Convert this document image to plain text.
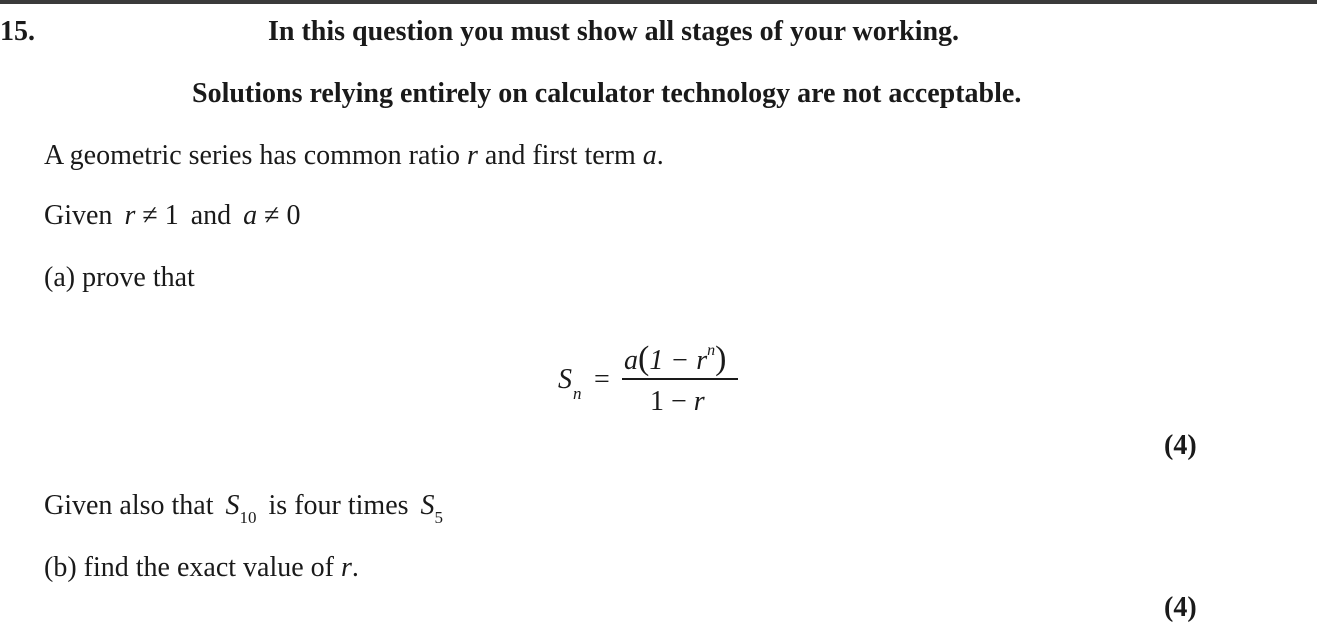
15.	In this question you must show all stages of your working.
Solutions relying entirely on calculator technology are not acceptable.
A geometric series has common ratio r and first term a.
Given r ≠ 1 and a ≠ 0
(a) prove that
S n =
$a(1 - r^n)$
1 − r
(4)
Given also that $S_{10}$ is four times $S_5$
(b) find the exact value of r.
(4)
